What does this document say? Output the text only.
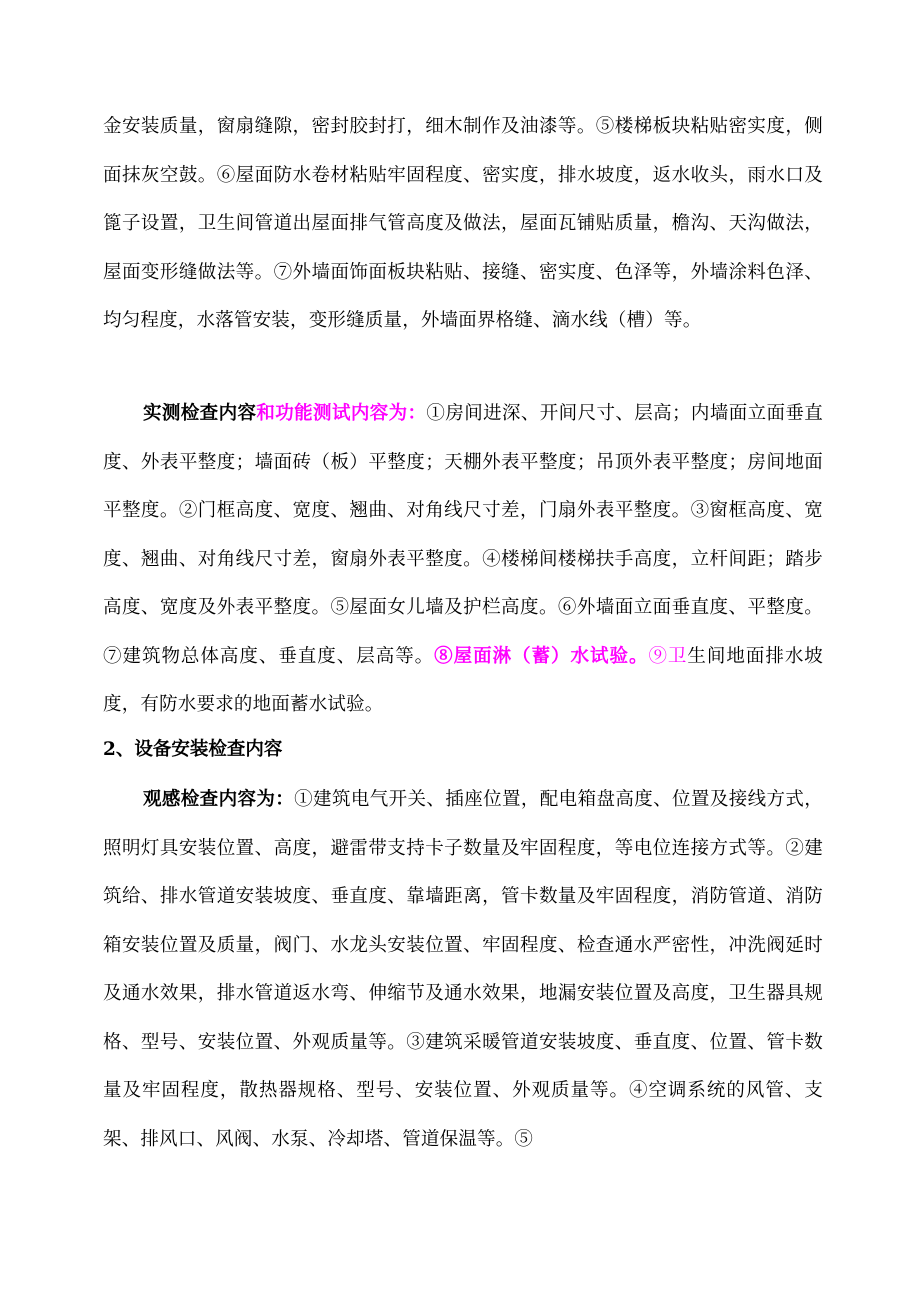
金安装质量，窗扇缝隙，密封胶封打，细木制作及油漆等。⑤楼梯板块粘贴密实度，侧面抹灰空鼓。⑥屋面防水卷材粘贴牢固程度、密实度，排水坡度，返水收头，雨水口及篦子设置，卫生间管道出屋面排气管高度及做法，屋面瓦铺贴质量，檐沟、天沟做法，屋面变形缝做法等。⑦外墙面饰面板块粘贴、接缝、密实度、色泽等，外墙涂料色泽、均匀程度，水落管安装，变形缝质量，外墙面界格缝、滴水线（槽）等。

实测检查内容和功能测试内容为：①房间进深、开间尺寸、层高；内墙面立面垂直度、外表平整度；墙面砖（板）平整度；天棚外表平整度；吊顶外表平整度；房间地面平整度。②门框高度、宽度、翘曲、对角线尺寸差，门扇外表平整度。③窗框高度、宽度、翘曲、对角线尺寸差，窗扇外表平整度。④楼梯间楼梯扶手高度，立杆间距；踏步高度、宽度及外表平整度。⑤屋面女儿墙及护栏高度。⑥外墙面立面垂直度、平整度。⑦建筑物总体高度、垂直度、层高等。⑧屋面淋（蓄）水试验。⑨卫生间地面排水坡度，有防水要求的地面蓄水试验。

2、设备安装检查内容

观感检查内容为：①建筑电气开关、插座位置，配电箱盘高度、位置及接线方式，照明灯具安装位置、高度，避雷带支持卡子数量及牢固程度，等电位连接方式等。②建筑给、排水管道安装坡度、垂直度、靠墙距离，管卡数量及牢固程度，消防管道、消防箱安装位置及质量，阀门、水龙头安装位置、牢固程度、检查通水严密性，冲洗阀延时及通水效果，排水管道返水弯、伸缩节及通水效果，地漏安装位置及高度，卫生器具规格、型号、安装位置、外观质量等。③建筑采暖管道安装坡度、垂直度、位置、管卡数量及牢固程度，散热器规格、型号、安装位置、外观质量等。④空调系统的风管、支架、排风口、风阀、水泵、冷却塔、管道保温等。⑤
